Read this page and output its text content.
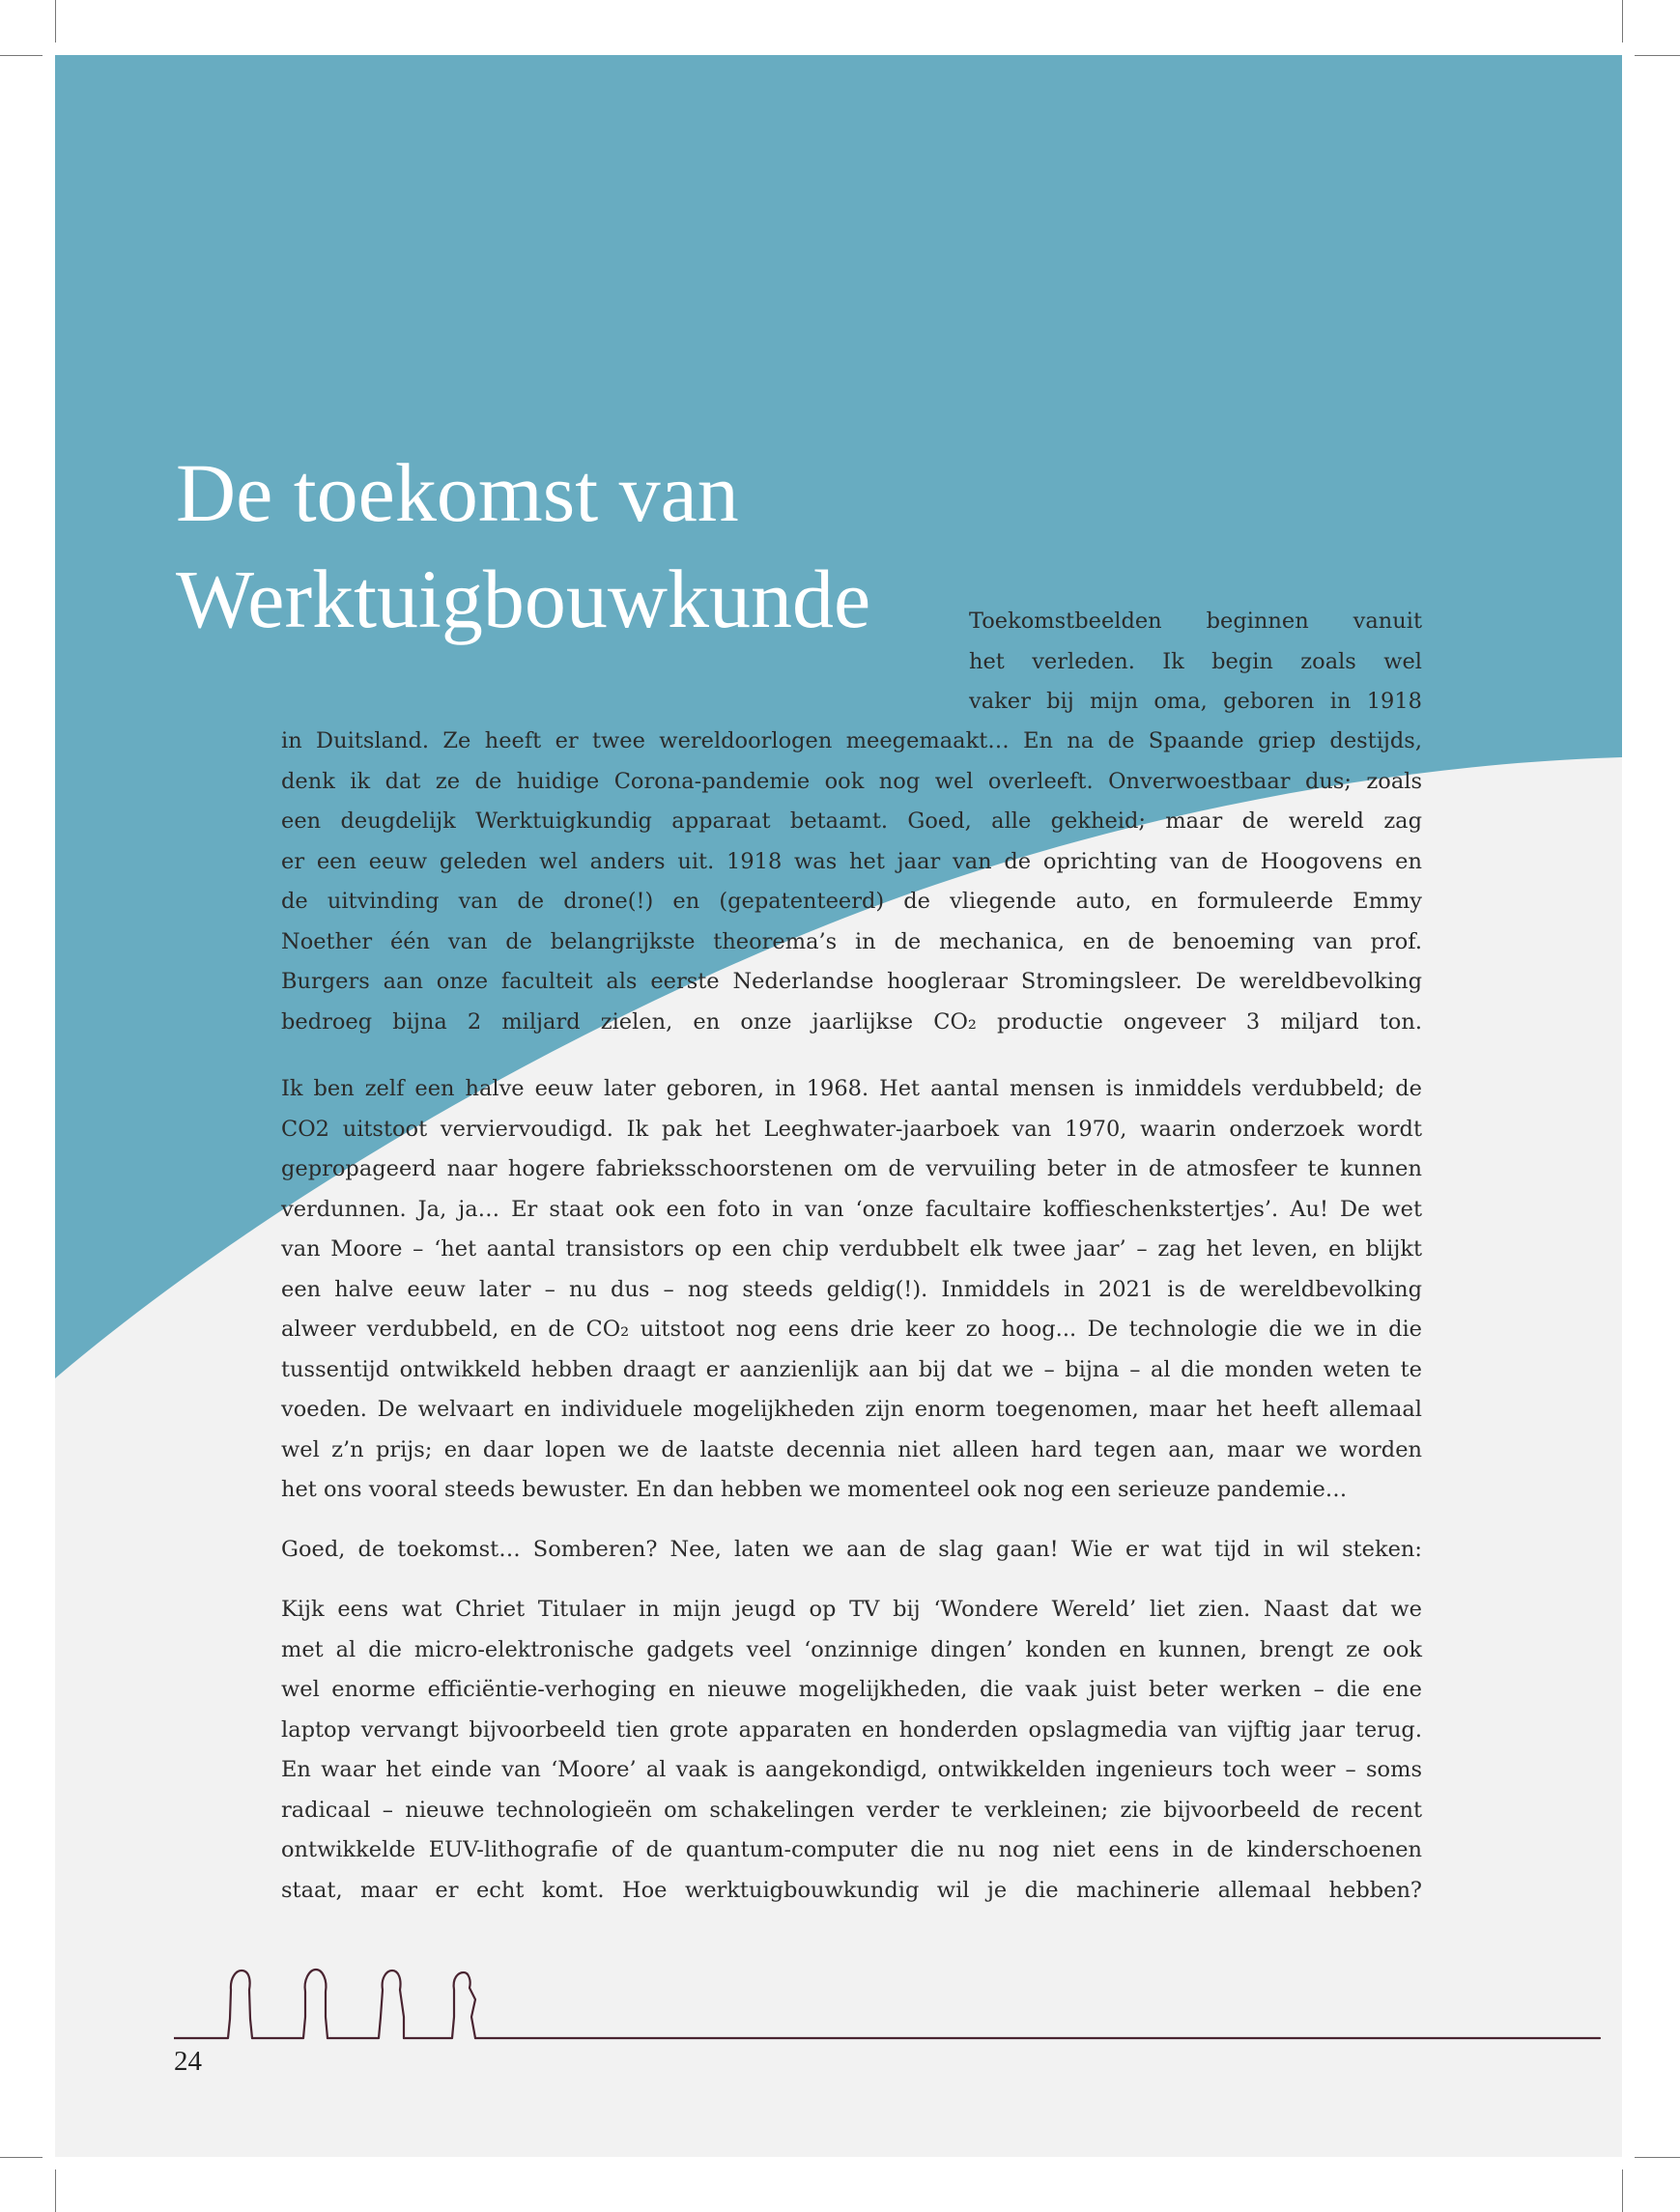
De toekomst van
Werktuigbouwkunde	Toekomstbeelden beginnen vanuit
het verleden. Ik begin zoals wel
vaker bij mijn oma, geboren in 1918

in Duitsland. Ze heeft er twee wereldoorlogen meegemaakt… En na de Spaande griep destijds,
denk ik dat ze de huidige Corona-pandemie ook nog wel overleeft. Onverwoestbaar dus; zoals
een deugdelijk Werktuigkundig apparaat betaamt. Goed, alle gekheid; maar de wereld zag
er een eeuw geleden wel anders uit. 1918 was het jaar van de oprichting van de Hoogovens en
de uitvinding van de drone(!) en (gepatenteerd) de vliegende auto, en formuleerde Emmy
Noether één van de belangrijkste theorema’s in de mechanica, en de benoeming van prof.
Burgers aan onze faculteit als eerste Nederlandse hoogleraar Stromingsleer. De wereldbevolking
bedroeg bijna 2 miljard zielen, en onze jaarlijkse CO₂ productie ongeveer 3 miljard ton.

Ik ben zelf een halve eeuw later geboren, in 1968. Het aantal mensen is inmiddels verdubbeld; de
CO2 uitstoot verviervoudigd. Ik pak het Leeghwater-jaarboek van 1970, waarin onderzoek wordt
gepropageerd naar hogere fabrieksschoorstenen om de vervuiling beter in de atmosfeer te kunnen
verdunnen. Ja, ja… Er staat ook een foto in van ‘onze facultaire koffieschenkstertjes’. Au! De wet
van Moore – ‘het aantal transistors op een chip verdubbelt elk twee jaar’ – zag het leven, en blijkt
een halve eeuw later – nu dus – nog steeds geldig(!). Inmiddels in 2021 is de wereldbevolking
alweer verdubbeld, en de CO₂ uitstoot nog eens drie keer zo hoog... De technologie die we in die
tussentijd ontwikkeld hebben draagt er aanzienlijk aan bij dat we – bijna – al die monden weten te
voeden. De welvaart en individuele mogelijkheden zijn enorm toegenomen, maar het heeft allemaal
wel z’n prijs; en daar lopen we de laatste decennia niet alleen hard tegen aan, maar we worden
het ons vooral steeds bewuster. En dan hebben we momenteel ook nog een serieuze pandemie…

Goed, de toekomst… Somberen? Nee, laten we aan de slag gaan! Wie er wat tijd in wil steken:

Kijk eens wat Chriet Titulaer in mijn jeugd op TV bij ‘Wondere Wereld’ liet zien. Naast dat we
met al die micro-elektronische gadgets veel ‘onzinnige dingen’ konden en kunnen, brengt ze ook
wel enorme efficiëntie-verhoging en nieuwe mogelijkheden, die vaak juist beter werken – die ene
laptop vervangt bijvoorbeeld tien grote apparaten en honderden opslagmedia van vijftig jaar terug.
En waar het einde van ‘Moore’ al vaak is aangekondigd, ontwikkelden ingenieurs toch weer – soms
radicaal – nieuwe technologieën om schakelingen verder te verkleinen; zie bijvoorbeeld de recent
ontwikkelde EUV-lithografie of de quantum-computer die nu nog niet eens in de kinderschoenen
staat, maar er echt komt. Hoe werktuigbouwkundig wil je die machinerie allemaal hebben?

24
